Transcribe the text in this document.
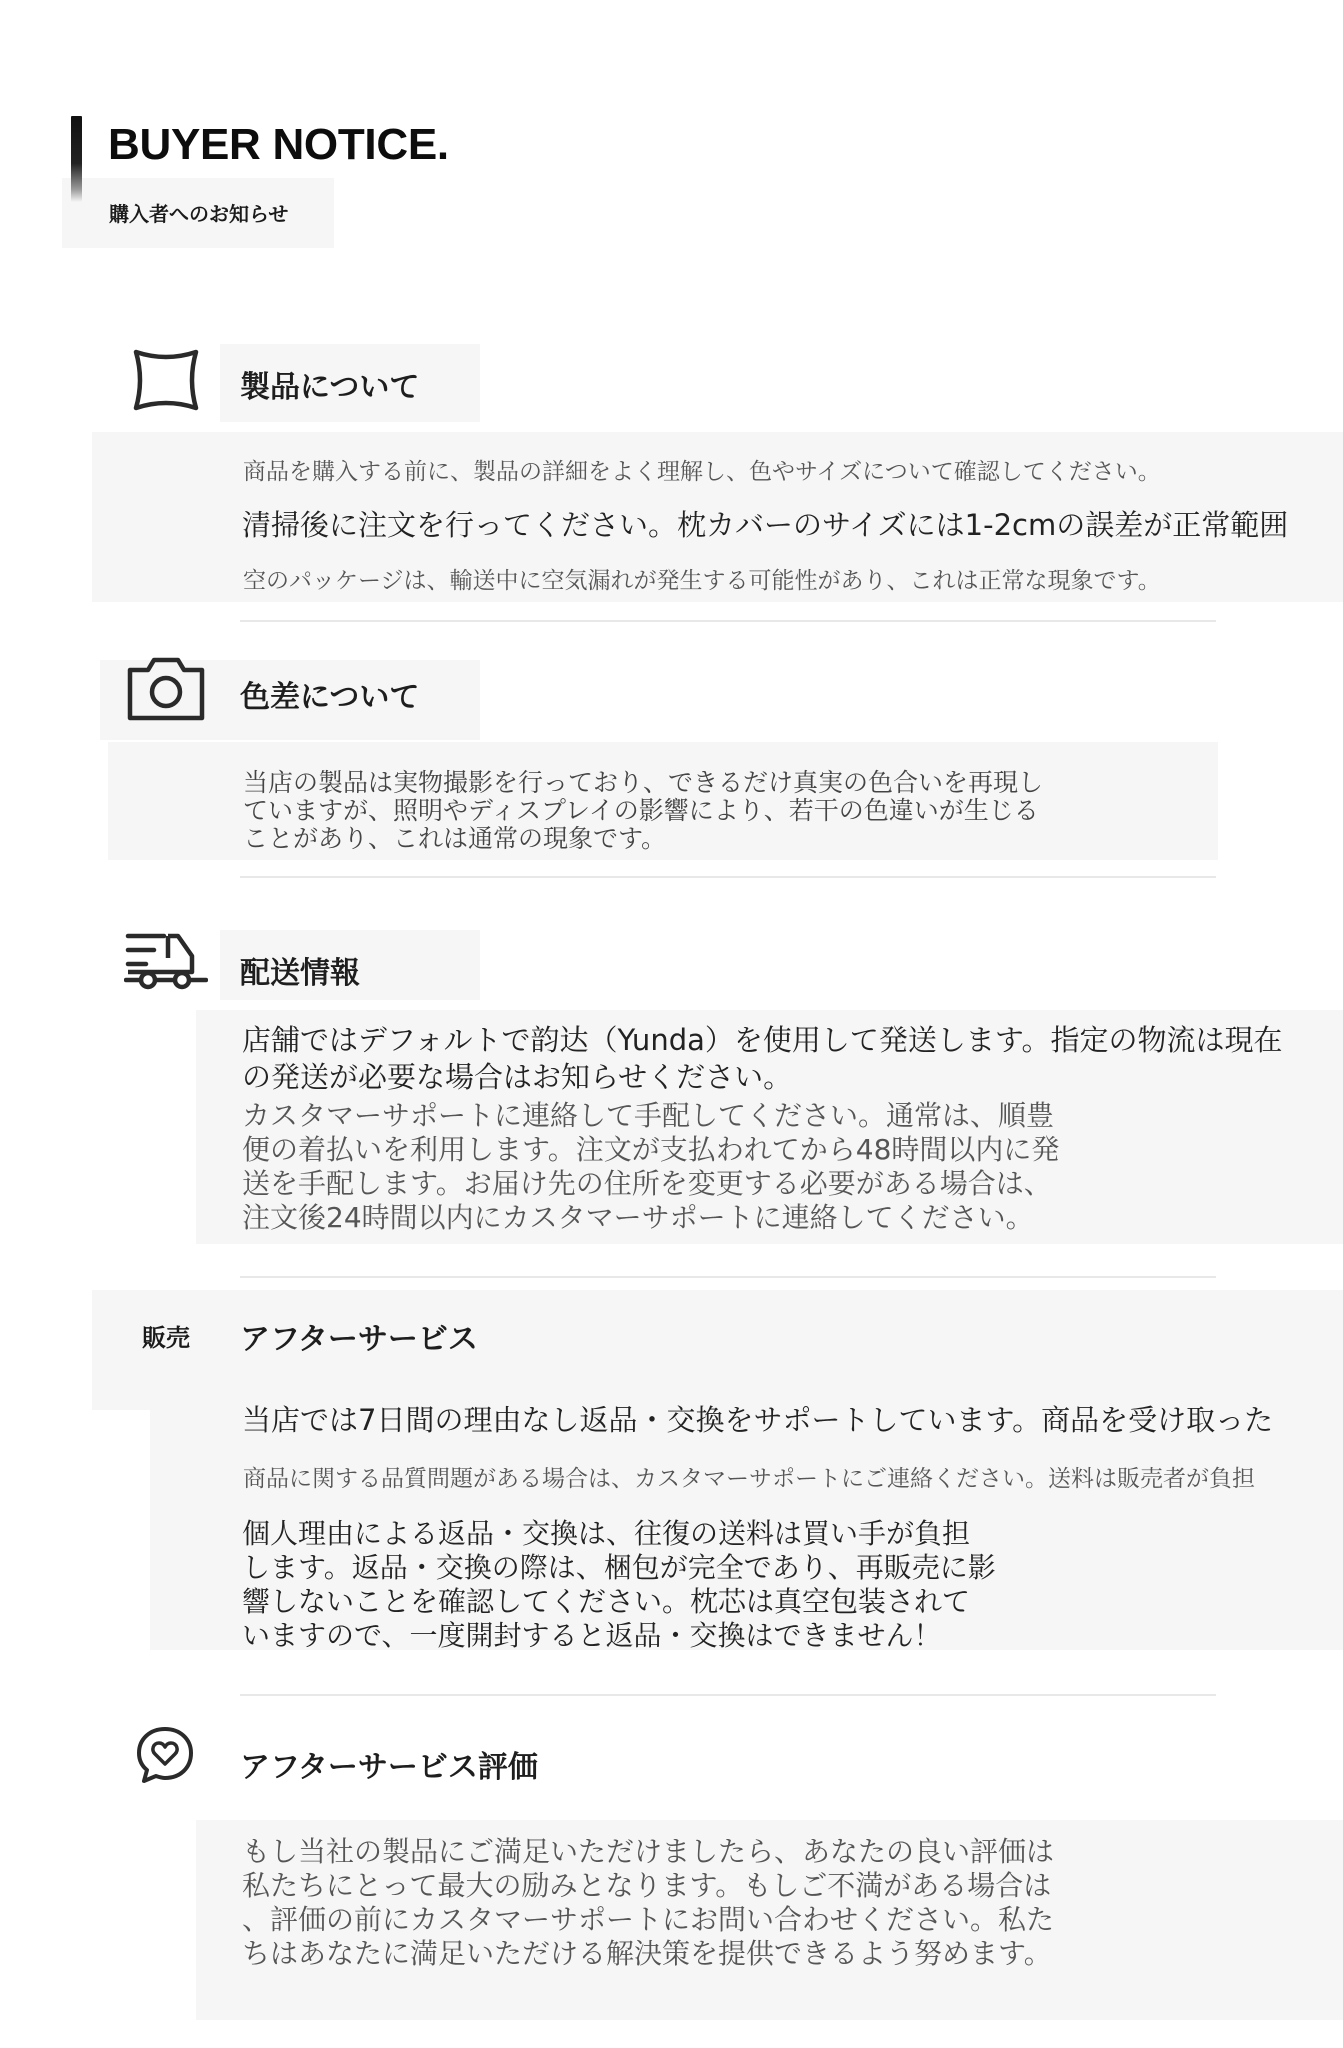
BUYER NOTICE.
購入者へのお知らせ
製品について
商品を購入する前に、製品の詳細をよく理解し、色やサイズについて確認してください。
清掃後に注文を行ってください。枕カバーのサイズには1-2cmの誤差が正常範囲
空のパッケージは、輸送中に空気漏れが発生する可能性があり、これは正常な現象です。
色差について
当店の製品は実物撮影を行っており、できるだけ真実の色合いを再現し
ていますが、照明やディスプレイの影響により、若干の色違いが生じる
ことがあり、これは通常の現象です。
配送情報
店舗ではデフォルトで韵达（Yunda）を使用して発送します。指定の物流は現在
の発送が必要な場合はお知らせください。
カスタマーサポートに連絡して手配してください。通常は、順豊
便の着払いを利用します。注文が支払われてから48時間以内に発
送を手配します。お届け先の住所を変更する必要がある場合は、
注文後24時間以内にカスタマーサポートに連絡してください。
販売 アフターサービス
当店では7日間の理由なし返品・交換をサポートしています。商品を受け取った
商品に関する品質問題がある場合は、カスタマーサポートにご連絡ください。送料は販売者が負担
個人理由による返品・交換は、往復の送料は買い手が負担
します。返品・交換の際は、梱包が完全であり、再販売に影
響しないことを確認してください。枕芯は真空包装されて
いますので、一度開封すると返品・交換はできません！
アフターサービス評価
もし当社の製品にご満足いただけましたら、あなたの良い評価は
私たちにとって最大の励みとなります。もしご不満がある場合は
、評価の前にカスタマーサポートにお問い合わせください。私た
ちはあなたに満足いただける解決策を提供できるよう努めます。
